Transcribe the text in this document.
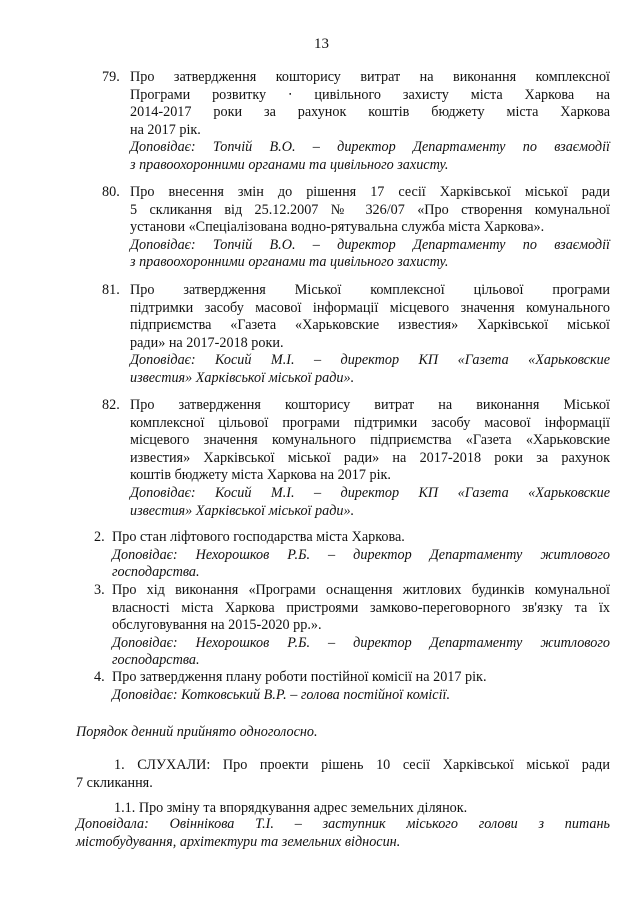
13
79. Про затвердження кошторису витрат на виконання комплексної
Програми розвитку ‧ цивільного захисту міста Харкова на
2014-2017 роки за рахунок коштів бюджету міста Харкова
на 2017 рік.
Доповідає: Топчій В.О. – директор Департаменту по взаємодії
з правоохоронними органами та цивільного захисту.
80. Про внесення змін до рішення 17 сесії Харківської міської ради
5 скликання від 25.12.2007 № 326/07 «Про створення комунальної
установи «Спеціалізована водно-рятувальна служба міста Харкова».
Доповідає: Топчій В.О. – директор Департаменту по взаємодії
з правоохоронними органами та цивільного захисту.
81. Про затвердження Міської комплексної цільової програми
підтримки засобу масової інформації місцевого значення комунального
підприємства «Газета «Харьковские известия» Харківської міської
ради» на 2017-2018 роки.
Доповідає: Косий М.І. – директор КП «Газета «Харьковские
известия» Харківської міської ради».
82. Про затвердження кошторису витрат на виконання Міської
комплексної цільової програми підтримки засобу масової інформації
місцевого значення комунального підприємства «Газета «Харьковские
известия» Харківської міської ради» на 2017-2018 роки за рахунок
коштів бюджету міста Харкова на 2017 рік.
Доповідає: Косий М.І. – директор КП «Газета «Харьковские
известия» Харківської міської ради».
2. Про стан ліфтового господарства міста Харкова.
Доповідає: Нехорошков Р.Б. – директор Департаменту житлового
господарства.
3. Про хід виконання «Програми оснащення житлових будинків комунальної
власності міста Харкова пристроями замково-переговорного зв'язку та їх
обслуговування на 2015-2020 рр.».
Доповідає: Нехорошков Р.Б. – директор Департаменту житлового
господарства.
4. Про затвердження плану роботи постійної комісії на 2017 рік.
Доповідає: Котковський В.Р. – голова постійної комісії.
Порядок денний прийнято одноголосно.
1. СЛУХАЛИ: Про проекти рішень 10 сесії Харківської міської ради
7 скликання.
1.1. Про зміну та впорядкування адрес земельних ділянок.
Доповідала: Овіннікова Т.І. – заступник міського голови з питань
містобудування, архітектури та земельних відносин.
